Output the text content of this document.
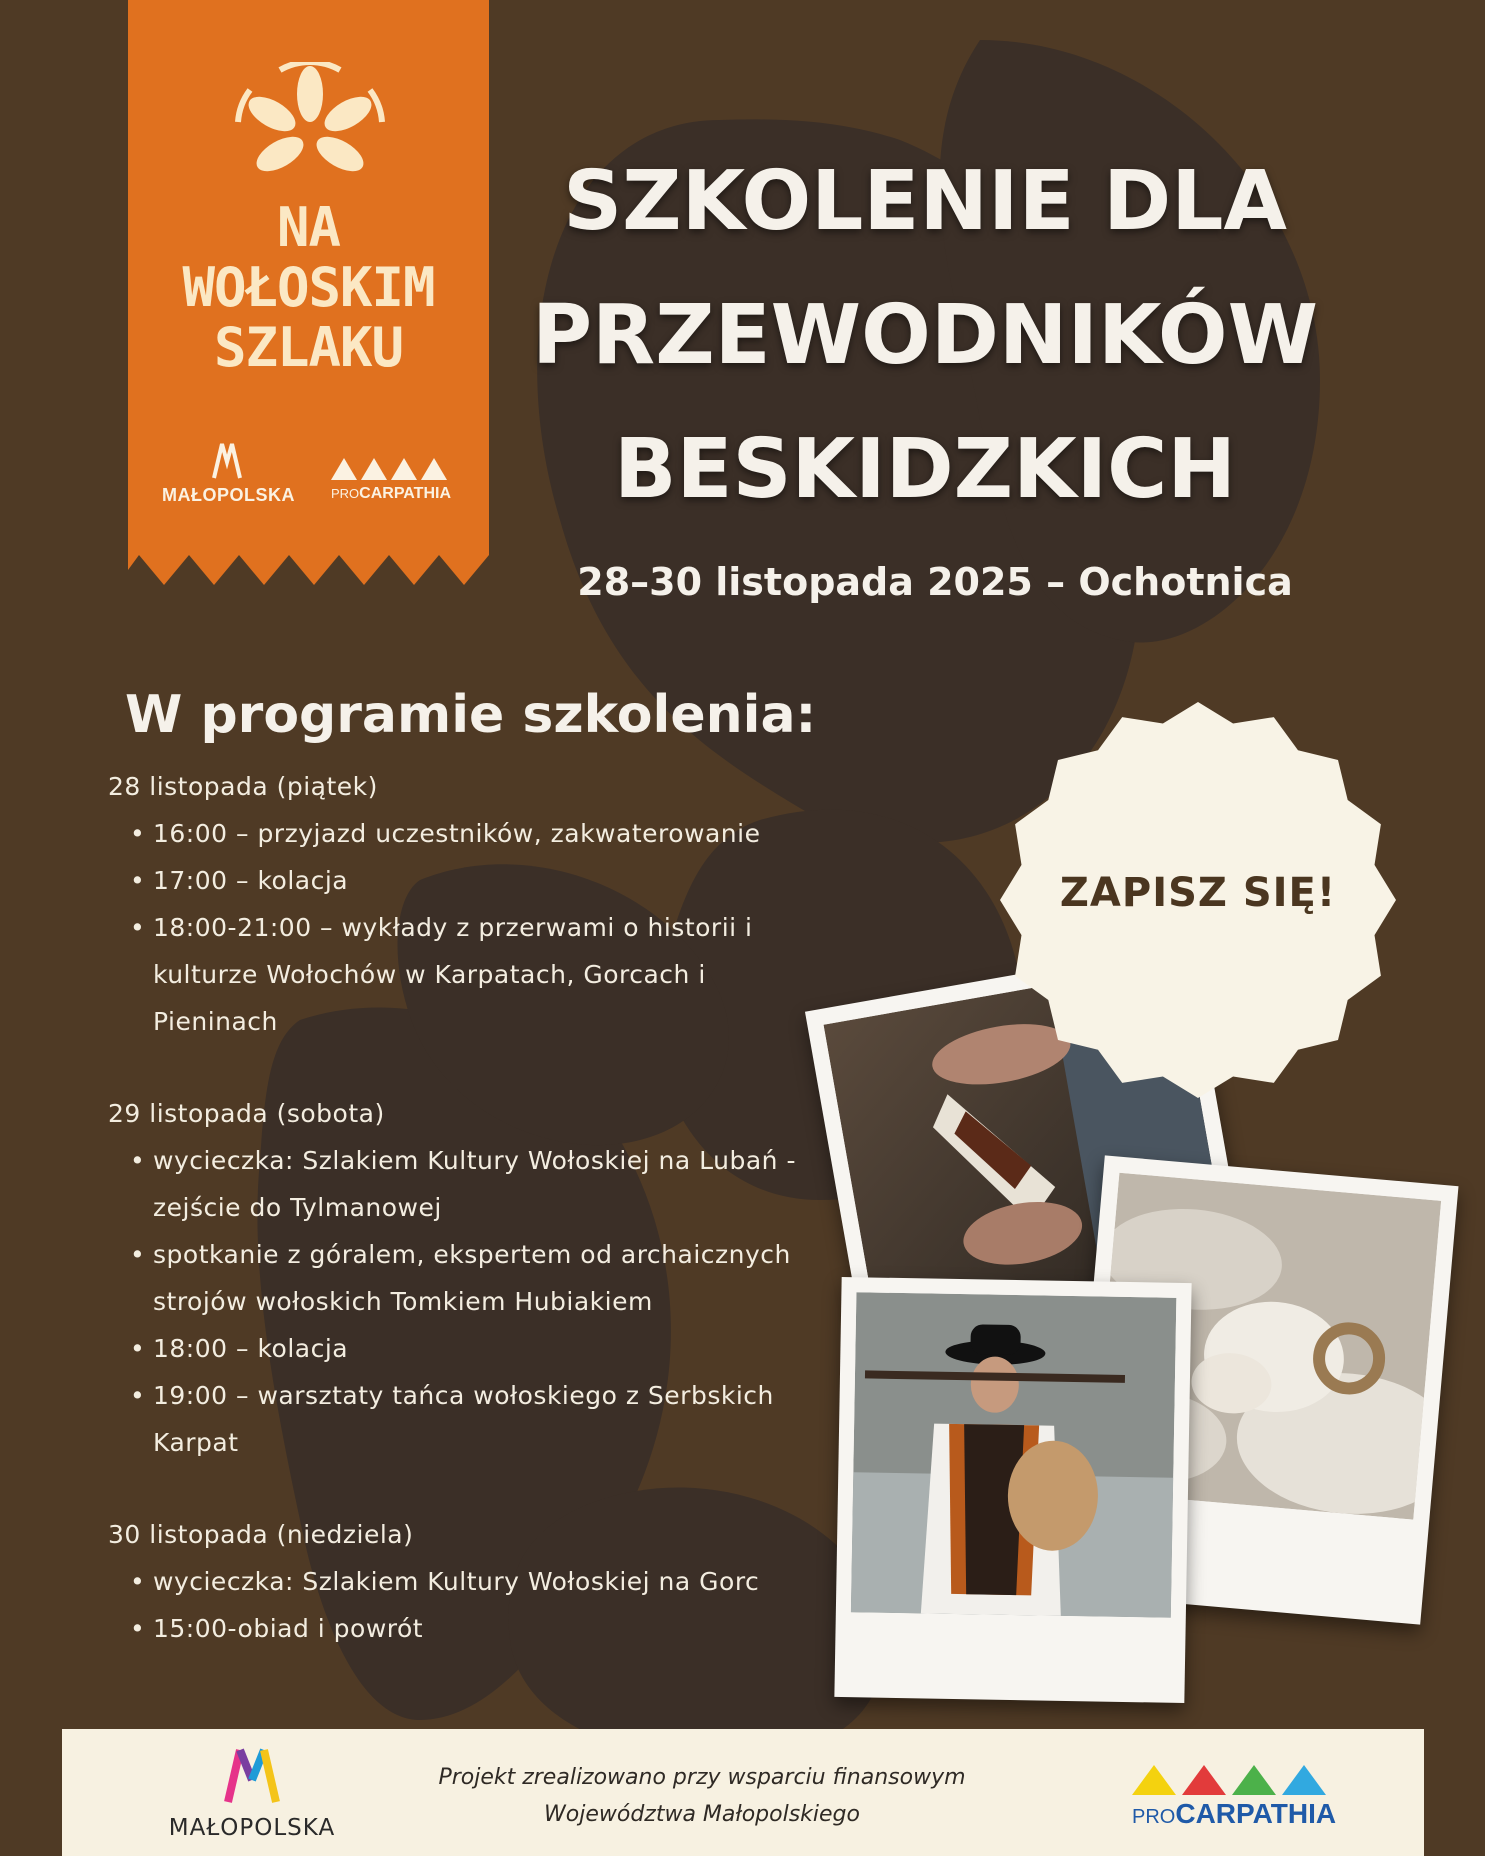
NA
WOŁOSKIM
SZLAKU
MAŁOPOLSKA	PROCARPATHIA
SZKOLENIE DLA
PRZEWODNIKÓW
BESKIDZKICH
28–30 listopada 2025 – Ochotnica
W programie szkolenia:
28 listopada (piątek)
• 16:00 – przyjazd uczestników, zakwaterowanie
• 17:00 – kolacja
• 18:00-21:00 – wykłady z przerwami o historii i kulturze Wołochów w Karpatach, Gorcach i Pieninach
29 listopada (sobota)
• wycieczka: Szlakiem Kultury Wołoskiej na Lubań - zejście do Tylmanowej
• spotkanie z góralem, ekspertem od archaicznych strojów wołoskich Tomkiem Hubiakiem
• 18:00 – kolacja
• 19:00 – warsztaty tańca wołoskiego z Serbskich Karpat
30 listopada (niedziela)
• wycieczka: Szlakiem Kultury Wołoskiej na Gorc
• 15:00-obiad i powrót
ZAPISZ SIĘ!
MAŁOPOLSKA
Projekt zrealizowano przy wsparciu finansowym
Województwa Małopolskiego	PROCARPATHIA
